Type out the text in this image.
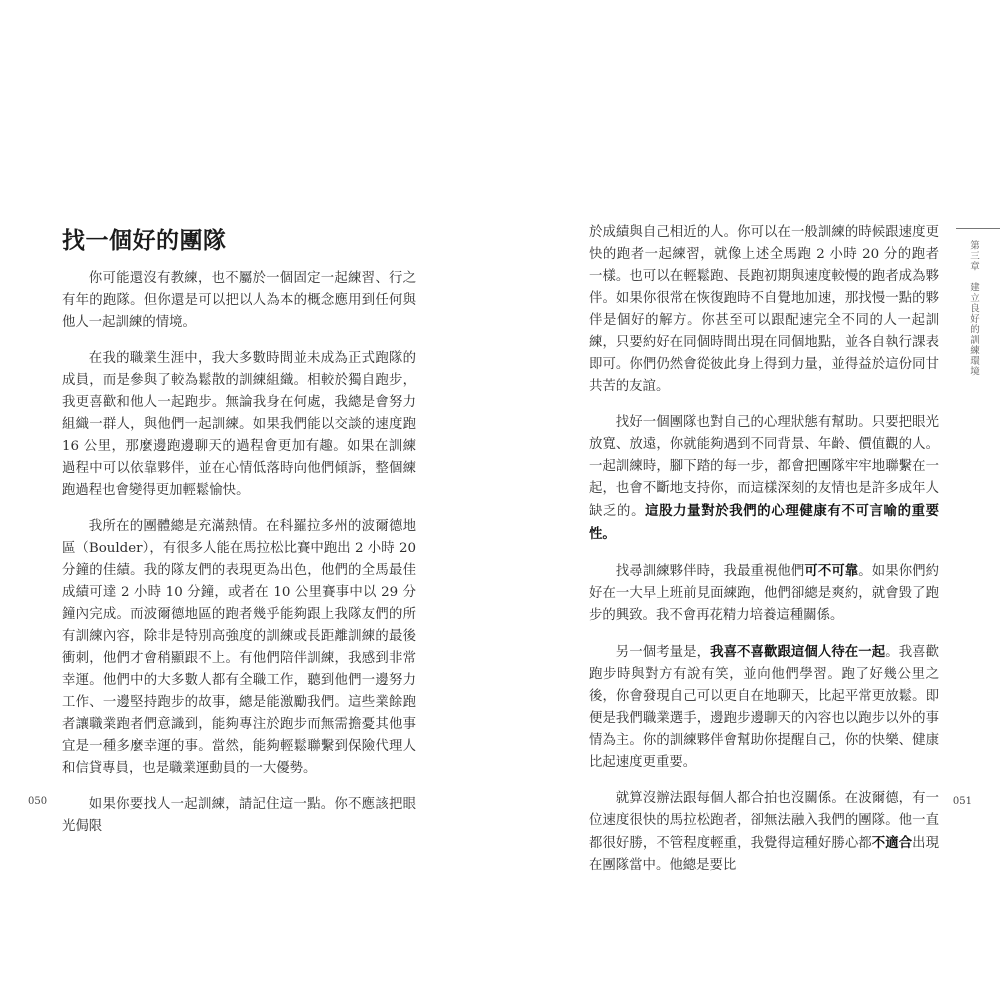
找一個好的團隊

你可能還沒有教練，也不屬於一個固定一起練習、行之有年的跑隊。但你還是可以把以人為本的概念應用到任何與他人一起訓練的情境。

在我的職業生涯中，我大多數時間並未成為正式跑隊的成員，而是參與了較為鬆散的訓練組織。相較於獨自跑步，我更喜歡和他人一起跑步。無論我身在何處，我總是會努力組織一群人，與他們一起訓練。如果我們能以交談的速度跑 16 公里，那麼邊跑邊聊天的過程會更加有趣。如果在訓練過程中可以依靠夥伴，並在心情低落時向他們傾訴，整個練跑過程也會變得更加輕鬆愉快。

我所在的團體總是充滿熱情。在科羅拉多州的波爾德地區（Boulder），有很多人能在馬拉松比賽中跑出 2 小時 20 分鐘的佳績。我的隊友們的表現更為出色，他們的全馬最佳成績可達 2 小時 10 分鐘，或者在 10 公里賽事中以 29 分鐘內完成。而波爾德地區的跑者幾乎能夠跟上我隊友們的所有訓練內容，除非是特別高強度的訓練或長距離訓練的最後衝刺，他們才會稍顯跟不上。有他們陪伴訓練，我感到非常幸運。他們中的大多數人都有全職工作，聽到他們一邊努力工作、一邊堅持跑步的故事，總是能激勵我們。這些業餘跑者讓職業跑者們意識到，能夠專注於跑步而無需擔憂其他事宜是一種多麼幸運的事。當然，能夠輕鬆聯繫到保險代理人和信貸專員，也是職業運動員的一大優勢。

如果你要找人一起訓練，請記住這一點。你不應該把眼光侷限

050

於成績與自己相近的人。你可以在一般訓練的時候跟速度更快的跑者一起練習，就像上述全馬跑 2 小時 20 分的跑者一樣。也可以在輕鬆跑、長跑初期與速度較慢的跑者成為夥伴。如果你很常在恢復跑時不自覺地加速，那找慢一點的夥伴是個好的解方。你甚至可以跟配速完全不同的人一起訓練，只要約好在同個時間出現在同個地點，並各自執行課表即可。你們仍然會從彼此身上得到力量，並得益於這份同甘共苦的友誼。

找好一個團隊也對自己的心理狀態有幫助。只要把眼光放寬、放遠，你就能夠遇到不同背景、年齡、價值觀的人。一起訓練時，腳下踏的每一步，都會把團隊牢牢地聯繫在一起，也會不斷地支持你，而這樣深刻的友情也是許多成年人缺乏的。這股力量對於我們的心理健康有不可言喻的重要性。

找尋訓練夥伴時，我最重視他們可不可靠。如果你們約好在一大早上班前見面練跑，他們卻總是爽約，就會毀了跑步的興致。我不會再花精力培養這種關係。

另一個考量是，我喜不喜歡跟這個人待在一起。我喜歡跑步時與對方有說有笑，並向他們學習。跑了好幾公里之後，你會發現自己可以更自在地聊天，比起平常更放鬆。即便是我們職業選手，邊跑步邊聊天的內容也以跑步以外的事情為主。你的訓練夥伴會幫助你提醒自己，你的快樂、健康比起速度更重要。

就算沒辦法跟每個人都合拍也沒關係。在波爾德，有一位速度很快的馬拉松跑者，卻無法融入我們的團隊。他一直都很好勝，不管程度輕重，我覺得這種好勝心都不適合出現在團隊當中。他總是要比

第三章　建立良好的訓練環境
051
